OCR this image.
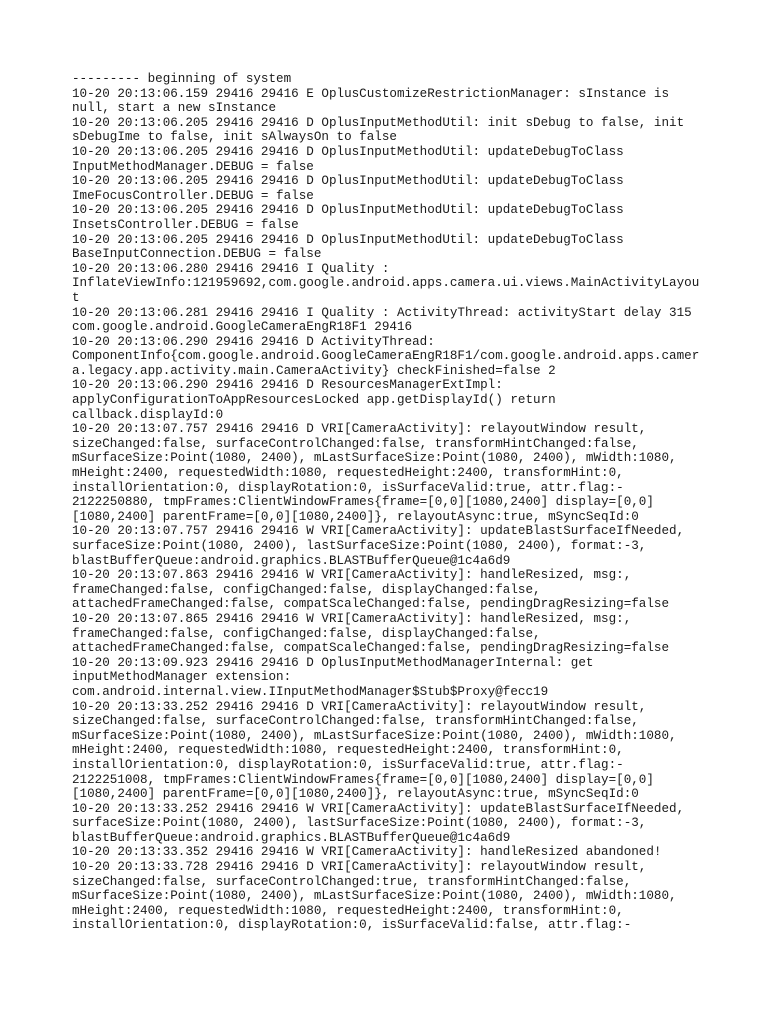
--------- beginning of system
10-20 20:13:06.159 29416 29416 E OplusCustomizeRestrictionManager: sInstance is
null, start a new sInstance
10-20 20:13:06.205 29416 29416 D OplusInputMethodUtil: init sDebug to false, init
sDebugIme to false, init sAlwaysOn to false
10-20 20:13:06.205 29416 29416 D OplusInputMethodUtil: updateDebugToClass
InputMethodManager.DEBUG = false
10-20 20:13:06.205 29416 29416 D OplusInputMethodUtil: updateDebugToClass
ImeFocusController.DEBUG = false
10-20 20:13:06.205 29416 29416 D OplusInputMethodUtil: updateDebugToClass
InsetsController.DEBUG = false
10-20 20:13:06.205 29416 29416 D OplusInputMethodUtil: updateDebugToClass
BaseInputConnection.DEBUG = false
10-20 20:13:06.280 29416 29416 I Quality :
InflateViewInfo:121959692,com.google.android.apps.camera.ui.views.MainActivityLayou
t
10-20 20:13:06.281 29416 29416 I Quality : ActivityThread: activityStart delay 315
com.google.android.GoogleCameraEngR18F1 29416
10-20 20:13:06.290 29416 29416 D ActivityThread:
ComponentInfo{com.google.android.GoogleCameraEngR18F1/com.google.android.apps.camer
a.legacy.app.activity.main.CameraActivity} checkFinished=false 2
10-20 20:13:06.290 29416 29416 D ResourcesManagerExtImpl:
applyConfigurationToAppResourcesLocked app.getDisplayId() return
callback.displayId:0
10-20 20:13:07.757 29416 29416 D VRI[CameraActivity]: relayoutWindow result,
sizeChanged:false, surfaceControlChanged:false, transformHintChanged:false,
mSurfaceSize:Point(1080, 2400), mLastSurfaceSize:Point(1080, 2400), mWidth:1080,
mHeight:2400, requestedWidth:1080, requestedHeight:2400, transformHint:0,
installOrientation:0, displayRotation:0, isSurfaceValid:true, attr.flag:-
2122250880, tmpFrames:ClientWindowFrames{frame=[0,0][1080,2400] display=[0,0]
[1080,2400] parentFrame=[0,0][1080,2400]}, relayoutAsync:true, mSyncSeqId:0
10-20 20:13:07.757 29416 29416 W VRI[CameraActivity]: updateBlastSurfaceIfNeeded,
surfaceSize:Point(1080, 2400), lastSurfaceSize:Point(1080, 2400), format:-3,
blastBufferQueue:android.graphics.BLASTBufferQueue@1c4a6d9
10-20 20:13:07.863 29416 29416 W VRI[CameraActivity]: handleResized, msg:,
frameChanged:false, configChanged:false, displayChanged:false,
attachedFrameChanged:false, compatScaleChanged:false, pendingDragResizing=false
10-20 20:13:07.865 29416 29416 W VRI[CameraActivity]: handleResized, msg:,
frameChanged:false, configChanged:false, displayChanged:false,
attachedFrameChanged:false, compatScaleChanged:false, pendingDragResizing=false
10-20 20:13:09.923 29416 29416 D OplusInputMethodManagerInternal: get
inputMethodManager extension:
com.android.internal.view.IInputMethodManager$Stub$Proxy@fecc19
10-20 20:13:33.252 29416 29416 D VRI[CameraActivity]: relayoutWindow result,
sizeChanged:false, surfaceControlChanged:false, transformHintChanged:false,
mSurfaceSize:Point(1080, 2400), mLastSurfaceSize:Point(1080, 2400), mWidth:1080,
mHeight:2400, requestedWidth:1080, requestedHeight:2400, transformHint:0,
installOrientation:0, displayRotation:0, isSurfaceValid:true, attr.flag:-
2122251008, tmpFrames:ClientWindowFrames{frame=[0,0][1080,2400] display=[0,0]
[1080,2400] parentFrame=[0,0][1080,2400]}, relayoutAsync:true, mSyncSeqId:0
10-20 20:13:33.252 29416 29416 W VRI[CameraActivity]: updateBlastSurfaceIfNeeded,
surfaceSize:Point(1080, 2400), lastSurfaceSize:Point(1080, 2400), format:-3,
blastBufferQueue:android.graphics.BLASTBufferQueue@1c4a6d9
10-20 20:13:33.352 29416 29416 W VRI[CameraActivity]: handleResized abandoned!
10-20 20:13:33.728 29416 29416 D VRI[CameraActivity]: relayoutWindow result,
sizeChanged:false, surfaceControlChanged:true, transformHintChanged:false,
mSurfaceSize:Point(1080, 2400), mLastSurfaceSize:Point(1080, 2400), mWidth:1080,
mHeight:2400, requestedWidth:1080, requestedHeight:2400, transformHint:0,
installOrientation:0, displayRotation:0, isSurfaceValid:false, attr.flag:-
